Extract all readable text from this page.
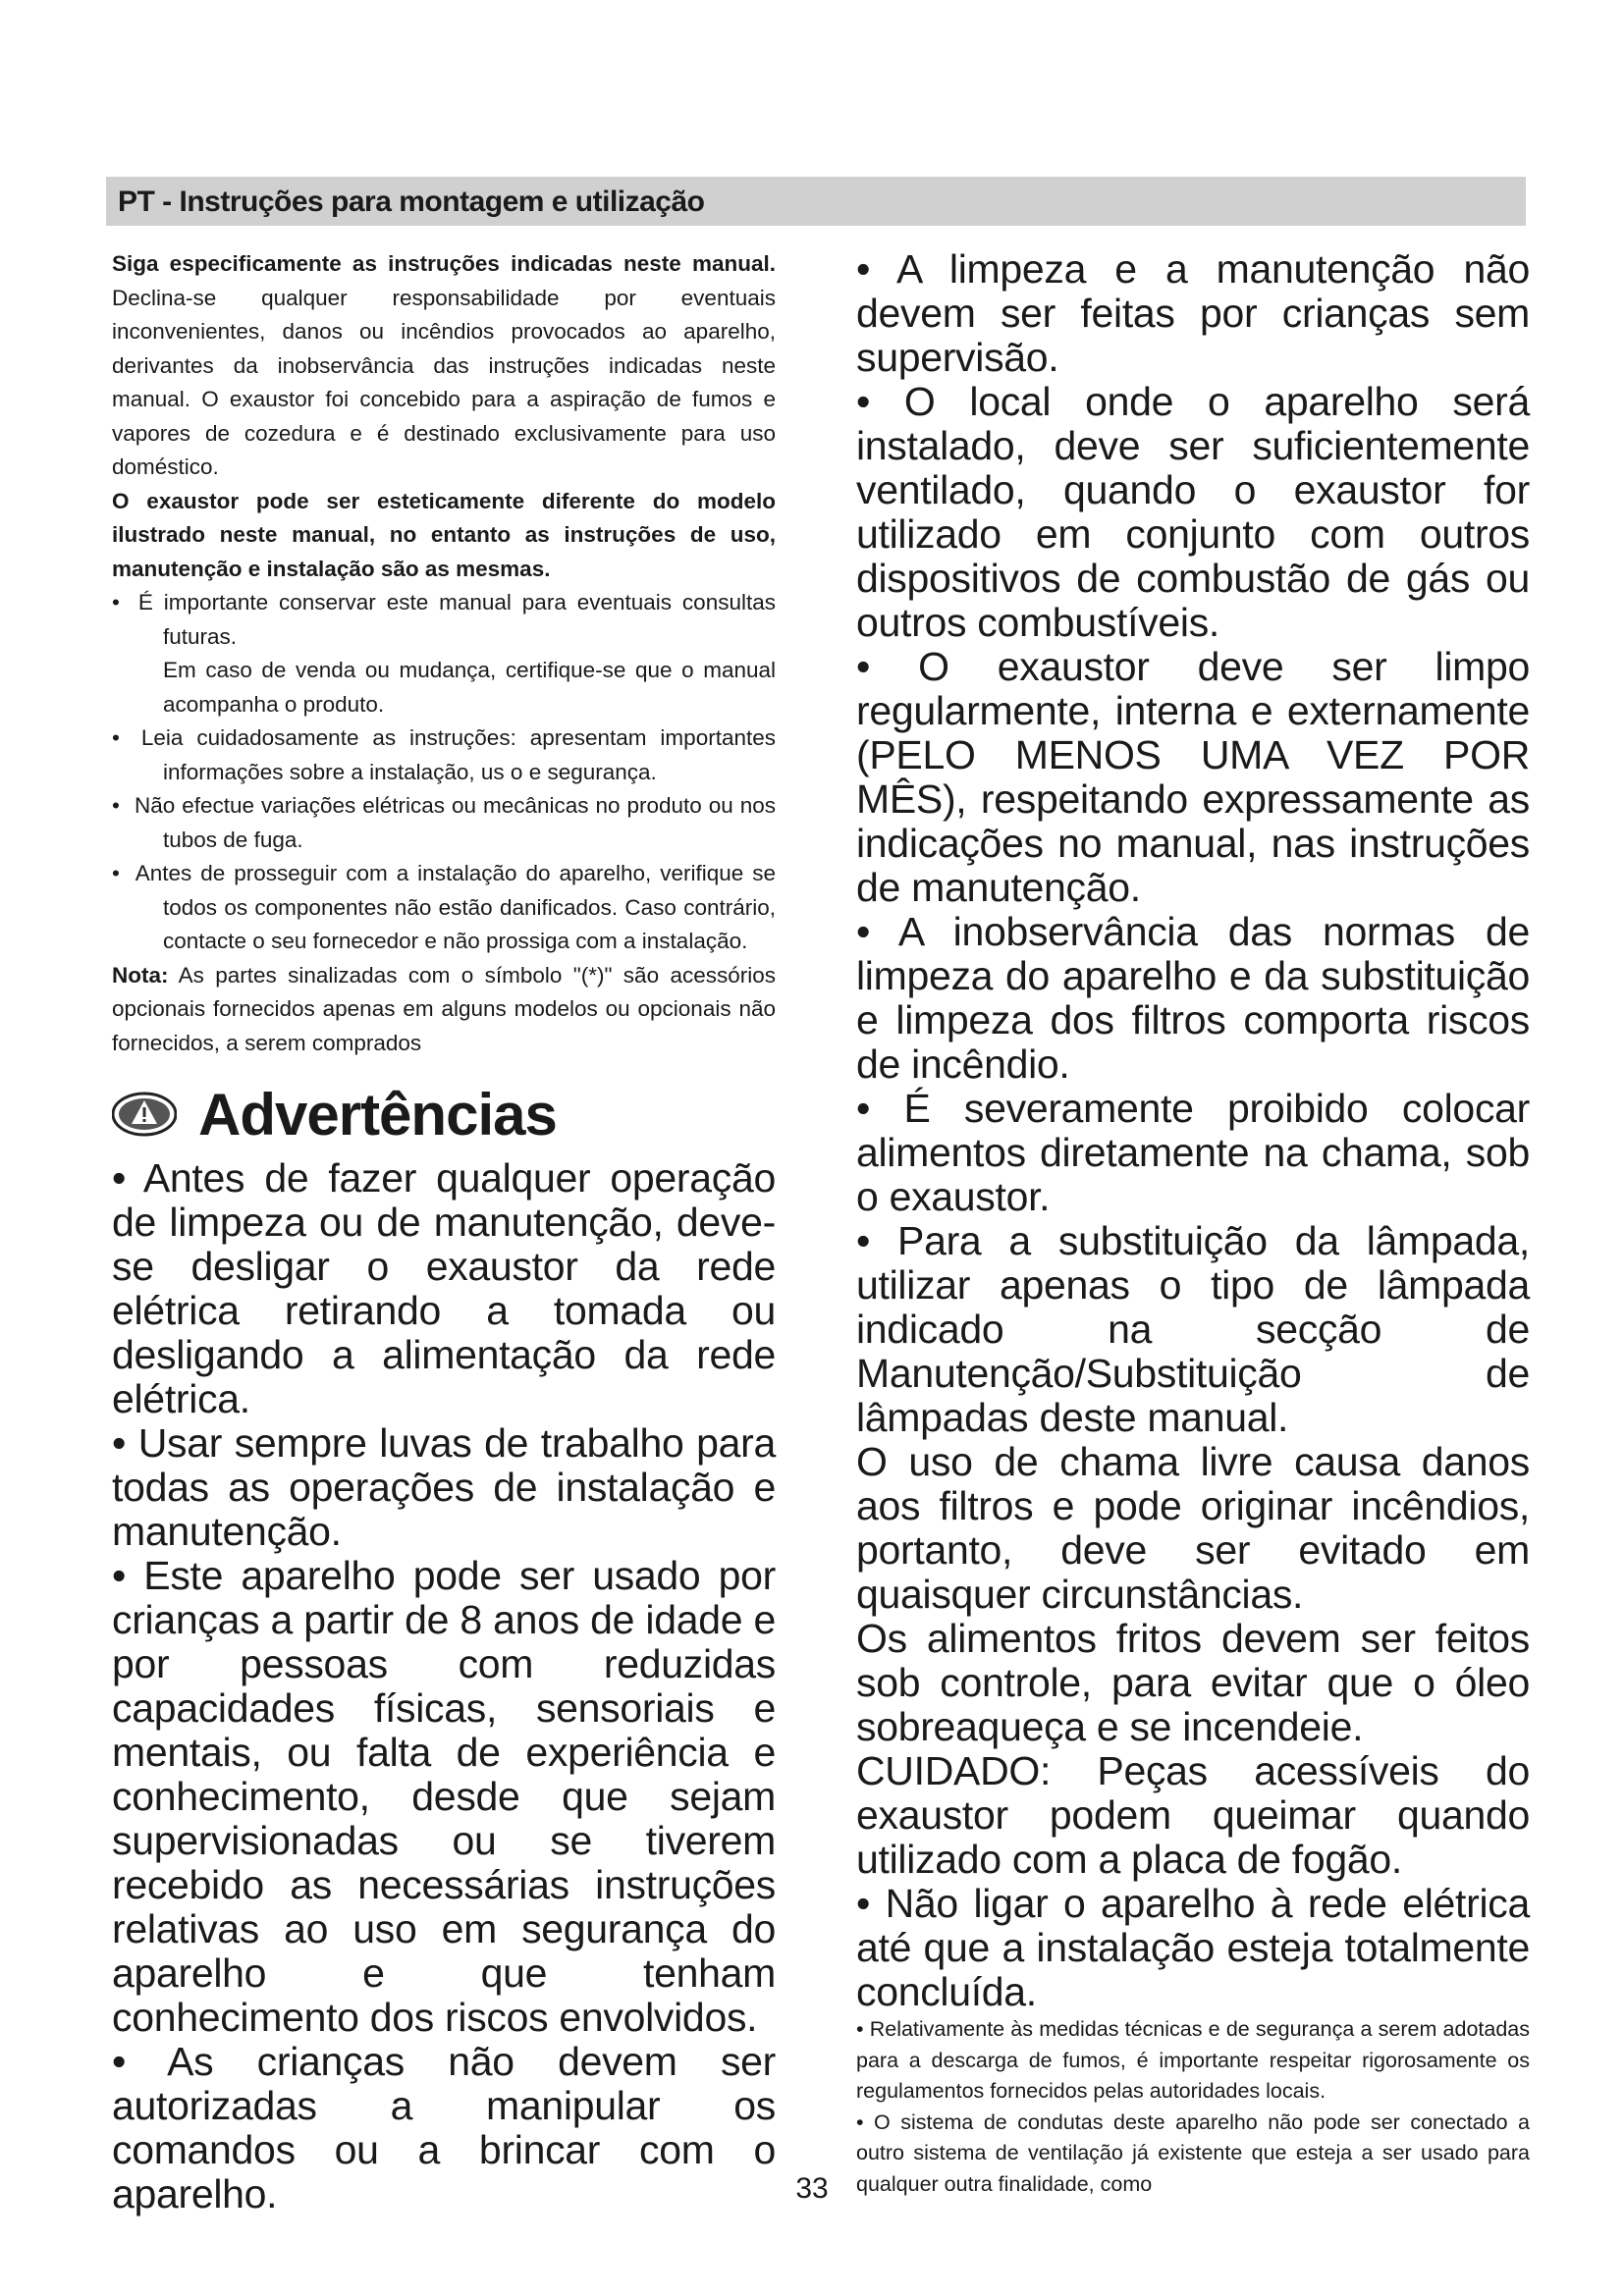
PT - Instruções para montagem e utilização

Siga especificamente as instruções indicadas neste manual. Declina-se qualquer responsabilidade por eventuais inconvenientes, danos ou incêndios provocados ao aparelho, derivantes da inobservância das instruções indicadas neste manual. O exaustor foi concebido para a aspiração de fumos e vapores de cozedura e é destinado exclusivamente para uso doméstico.

O exaustor pode ser esteticamente diferente do modelo ilustrado neste manual, no entanto as instruções de uso, manutenção e instalação são as mesmas.

• É importante conservar este manual para eventuais consultas futuras.

Em caso de venda ou mudança, certifique-se que o manual acompanha o produto.

• Leia cuidadosamente as instruções: apresentam importantes informações sobre a instalação, us o e segurança.

• Não efectue variações elétricas ou mecânicas no produto ou nos tubos de fuga.

• Antes de prosseguir com a instalação do aparelho, verifique se todos os componentes não estão danificados. Caso contrário, contacte o seu fornecedor e não prossiga com a instalação.

Nota: As partes sinalizadas com o símbolo "(*)" são acessórios opcionais fornecidos apenas em alguns modelos ou opcionais não fornecidos, a serem comprados

Advertências

• Antes de fazer qualquer operação de limpeza ou de manutenção, deve-se desligar o exaustor da rede elétrica retirando a tomada ou desligando a alimentação da rede elétrica.

• Usar sempre luvas de trabalho para todas as operações de instalação e manutenção.

• Este aparelho pode ser usado por crianças a partir de 8 anos de idade e por pessoas com reduzidas capacidades físicas, sensoriais e mentais, ou falta de experiência e conhecimento, desde que sejam supervisionadas ou se tiverem recebido as necessárias instruções relativas ao uso em segurança do aparelho e que tenham conhecimento dos riscos envolvidos.

• As crianças não devem ser autorizadas a manipular os comandos ou a brincar com o aparelho.

• A limpeza e a manutenção não devem ser feitas por crianças sem supervisão.

• O local onde o aparelho será instalado, deve ser suficientemente ventilado, quando o exaustor for utilizado em conjunto com outros dispositivos de combustão de gás ou outros combustíveis.

• O exaustor deve ser limpo regularmente, interna e externamente (PELO MENOS UMA VEZ POR MÊS), respeitando expressamente as indicações no manual, nas instruções de manutenção.

• A inobservância das normas de limpeza do aparelho e da substituição e limpeza dos filtros comporta riscos de incêndio.

• É severamente proibido colocar alimentos diretamente na chama, sob o exaustor.

• Para a substituição da lâmpada, utilizar apenas o tipo de lâmpada indicado na secção de Manutenção/Substituição de lâmpadas deste manual.

O uso de chama livre causa danos aos filtros e pode originar incêndios, portanto, deve ser evitado em quaisquer circunstâncias.

Os alimentos fritos devem ser feitos sob controle, para evitar que o óleo sobreaqueça e se incendeie.

CUIDADO: Peças acessíveis do exaustor podem queimar quando utilizado com a placa de fogão.

• Não ligar o aparelho à rede elétrica até que a instalação esteja totalmente concluída.

• Relativamente às medidas técnicas e de segurança a serem adotadas para a descarga de fumos, é importante respeitar rigorosamente os regulamentos fornecidos pelas autoridades locais.

• O sistema de condutas deste aparelho não pode ser conectado a outro sistema de ventilação já existente que esteja a ser usado para qualquer outra finalidade, como

33
